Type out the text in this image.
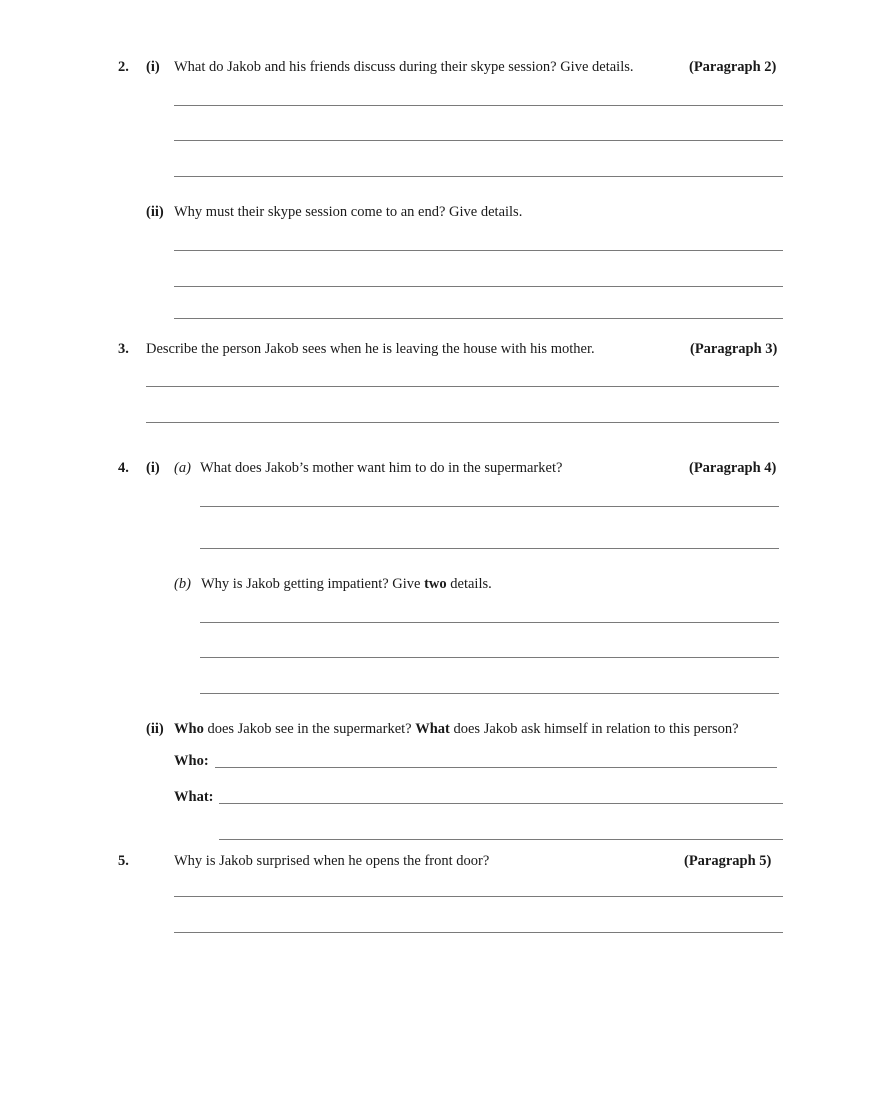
2. (i) What do Jakob and his friends discuss during their skype session? Give details.	(Paragraph 2)
(ii) Why must their skype session come to an end? Give details.
3. Describe the person Jakob sees when he is leaving the house with his mother.	(Paragraph 3)
4. (i) (a) What does Jakob’s mother want him to do in the supermarket?	(Paragraph 4)
(b) Why is Jakob getting impatient? Give two details.
(ii) Who does Jakob see in the supermarket? What does Jakob ask himself in relation to this person?
Who:
What:
5.	Why is Jakob surprised when he opens the front door?	(Paragraph 5)
